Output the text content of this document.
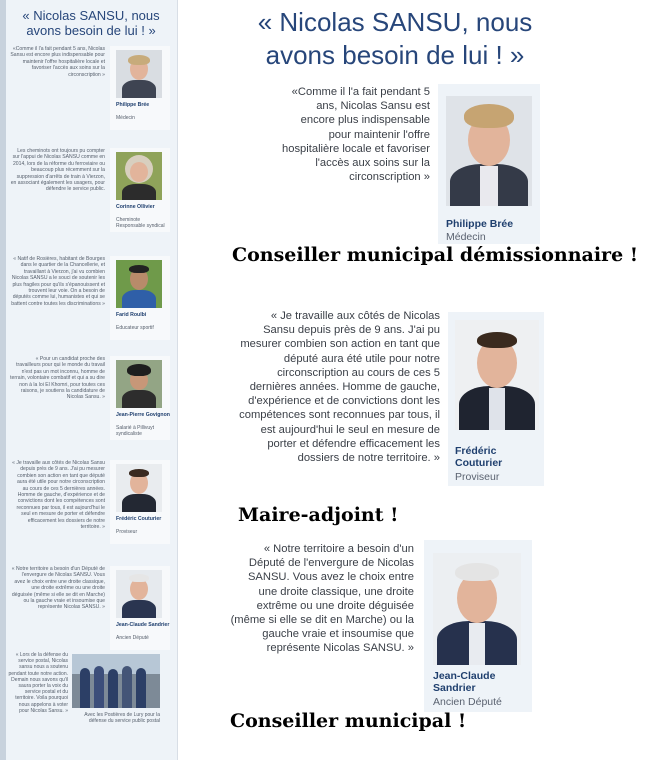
« Nicolas SANSU, nous avons besoin de lui ! »
«Comme il l'a fait pendant 5 ans, Nicolas Sansu est encore plus indispensable pour maintenir l'offre hospitalière locale et favoriser l'accès aux soins sur la circonscription »
Philippe Brée
Médecin
Les cheminots ont toujours pu compter sur l'appui de Nicolas SANSU comme en 2014, lors de la réforme du ferroviaire ou beaucoup plus récemment sur la suppression d'arrêts de train à Vierzon, en associant également les usagers, pour défendre le service public.
Corinne Ollivier
Cheminote Responsable syndical
« Natif de Rosières, habitant de Bourges dans le quartier de la Chancellerie, et travaillant à Vierzon, j'ai vu combien Nicolas SANSU a le souci de soutenir les plus fragiles pour qu'ils s'épanouissent et trouvent leur voie. On a besoin de députés comme lui, humanistes et qui se battent contre toutes les discriminations »
Farid Roulbi
Educateur sportif
« Pour un candidat proche des travailleurs pour qui le monde du travail n'est pas un mot inconnu, homme de terrain, volontaire combatif et qui a su dire non à la loi El Khomri, pour toutes ces raisons, je soutiens la candidature de Nicolas Sansu. »
Jean-Pierre Govignon
Salarié à Pillivuyt syndicaliste
« Je travaille aux côtés de Nicolas Sansu depuis près de 9 ans. J'ai pu mesurer combien son action en tant que député aura été utile pour notre circonscription au cours de ces 5 dernières années. Homme de gauche, d'expérience et de convictions dont les compétences sont reconnues par tous, il est aujourd'hui le seul en mesure de porter et défendre efficacement les dossiers de notre territoire. »
Frédéric Couturier
Proviseur
« Notre territoire a besoin d'un Député de l'envergure de Nicolas SANSU. Vous avez le choix entre une droite classique, une droite extrême ou une droite déguisée (même si elle se dit en Marche) ou la gauche vraie et insoumise que représente Nicolas SANSU. »
Jean-Claude Sandrier
Ancien Député
« Lors de la défense du service postal, Nicolas sansu nous a soutenu pendant toute notre action. Demain nous savons qu'il saura porter la voix du service postal et du territoire. Voila pourquoi nous appelons à voter pour Nicolas Sansu. »
Avec les Postières de Lury pour la défense du service public postal
« Nicolas SANSU, nous avons besoin de lui ! »
«Comme il l'a fait pendant 5 ans, Nicolas Sansu est encore plus indispensable pour maintenir l'offre hospitalière locale et favoriser l'accès aux soins sur la circonscription »
Philippe Brée
Médecin
Conseiller municipal démissionnaire !
« Je travaille aux côtés de Nicolas Sansu depuis près de 9 ans. J'ai pu mesurer combien son action en tant que député aura été utile pour notre circonscription au cours de ces 5 dernières années. Homme de gauche, d'expérience et de convictions dont les compétences sont reconnues par tous, il est aujourd'hui le seul en mesure de porter et défendre efficacement les dossiers de notre territoire. »
Frédéric Couturier
Proviseur
Maire-adjoint !
« Notre territoire a besoin d'un Député de l'envergure de Nicolas SANSU. Vous avez le choix entre une droite classique, une droite extrême ou une droite déguisée (même si elle se dit en Marche) ou la gauche vraie et insoumise que représente Nicolas SANSU. »
Jean-Claude Sandrier
Ancien Député
Conseiller municipal !
